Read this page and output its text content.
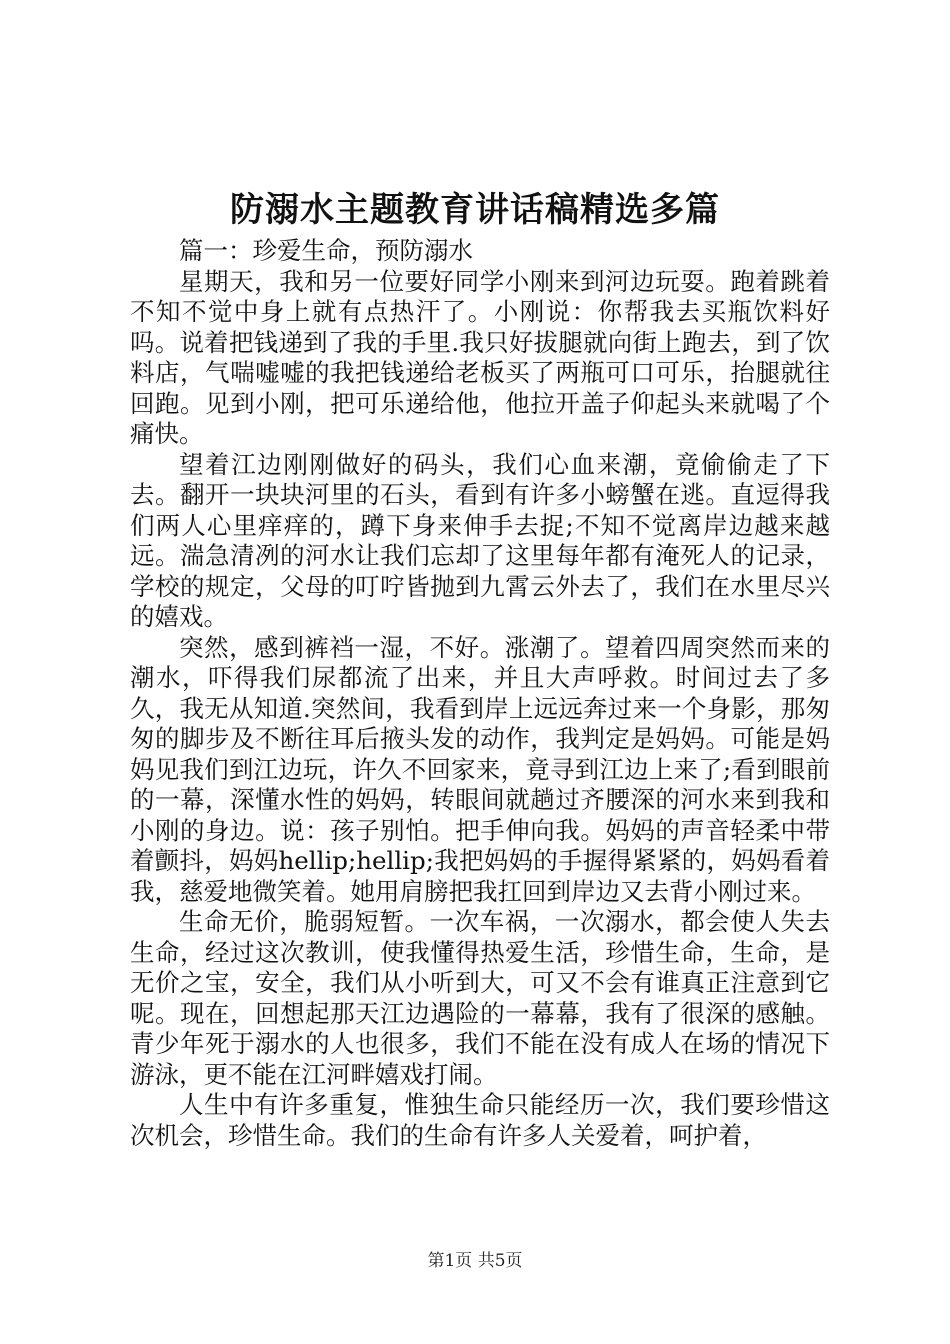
防溺水主题教育讲话稿精选多篇

篇一：珍爱生命，预防溺水

星期天，我和另一位要好同学小刚来到河边玩耍。跑着跳着不知不觉中身上就有点热汗了。小刚说：你帮我去买瓶饮料好吗。说着把钱递到了我的手里.我只好拔腿就向街上跑去，到了饮料店，气喘嘘嘘的我把钱递给老板买了两瓶可口可乐，抬腿就往回跑。见到小刚，把可乐递给他，他拉开盖子仰起头来就喝了个痛快。

望着江边刚刚做好的码头，我们心血来潮，竟偷偷走了下去。翻开一块块河里的石头，看到有许多小螃蟹在逃。直逗得我们两人心里痒痒的，蹲下身来伸手去捉;不知不觉离岸边越来越远。湍急清冽的河水让我们忘却了这里每年都有淹死人的记录，学校的规定，父母的叮咛皆抛到九霄云外去了，我们在水里尽兴的嬉戏。

突然，感到裤裆一湿，不好。涨潮了。望着四周突然而来的潮水，吓得我们尿都流了出来，并且大声呼救。时间过去了多久，我无从知道.突然间，我看到岸上远远奔过来一个身影，那匆匆的脚步及不断往耳后掖头发的动作，我判定是妈妈。可能是妈妈见我们到江边玩，许久不回家来，竟寻到江边上来了;看到眼前的一幕，深懂水性的妈妈，转眼间就趟过齐腰深的河水来到我和小刚的身边。说：孩子别怕。把手伸向我。妈妈的声音轻柔中带着颤抖，妈妈hellip;hellip;我把妈妈的手握得紧紧的，妈妈看着我，慈爱地微笑着。她用肩膀把我扛回到岸边又去背小刚过来。

生命无价，脆弱短暂。一次车祸，一次溺水，都会使人失去生命，经过这次教训，使我懂得热爱生活，珍惜生命，生命，是无价之宝，安全，我们从小听到大，可又不会有谁真正注意到它呢。现在，回想起那天江边遇险的一幕幕，我有了很深的感触。青少年死于溺水的人也很多，我们不能在没有成人在场的情况下游泳，更不能在江河畔嬉戏打闹。

人生中有许多重复，惟独生命只能经历一次，我们要珍惜这次机会，珍惜生命。我们的生命有许多人关爱着，呵护着，

第1页 共5页
